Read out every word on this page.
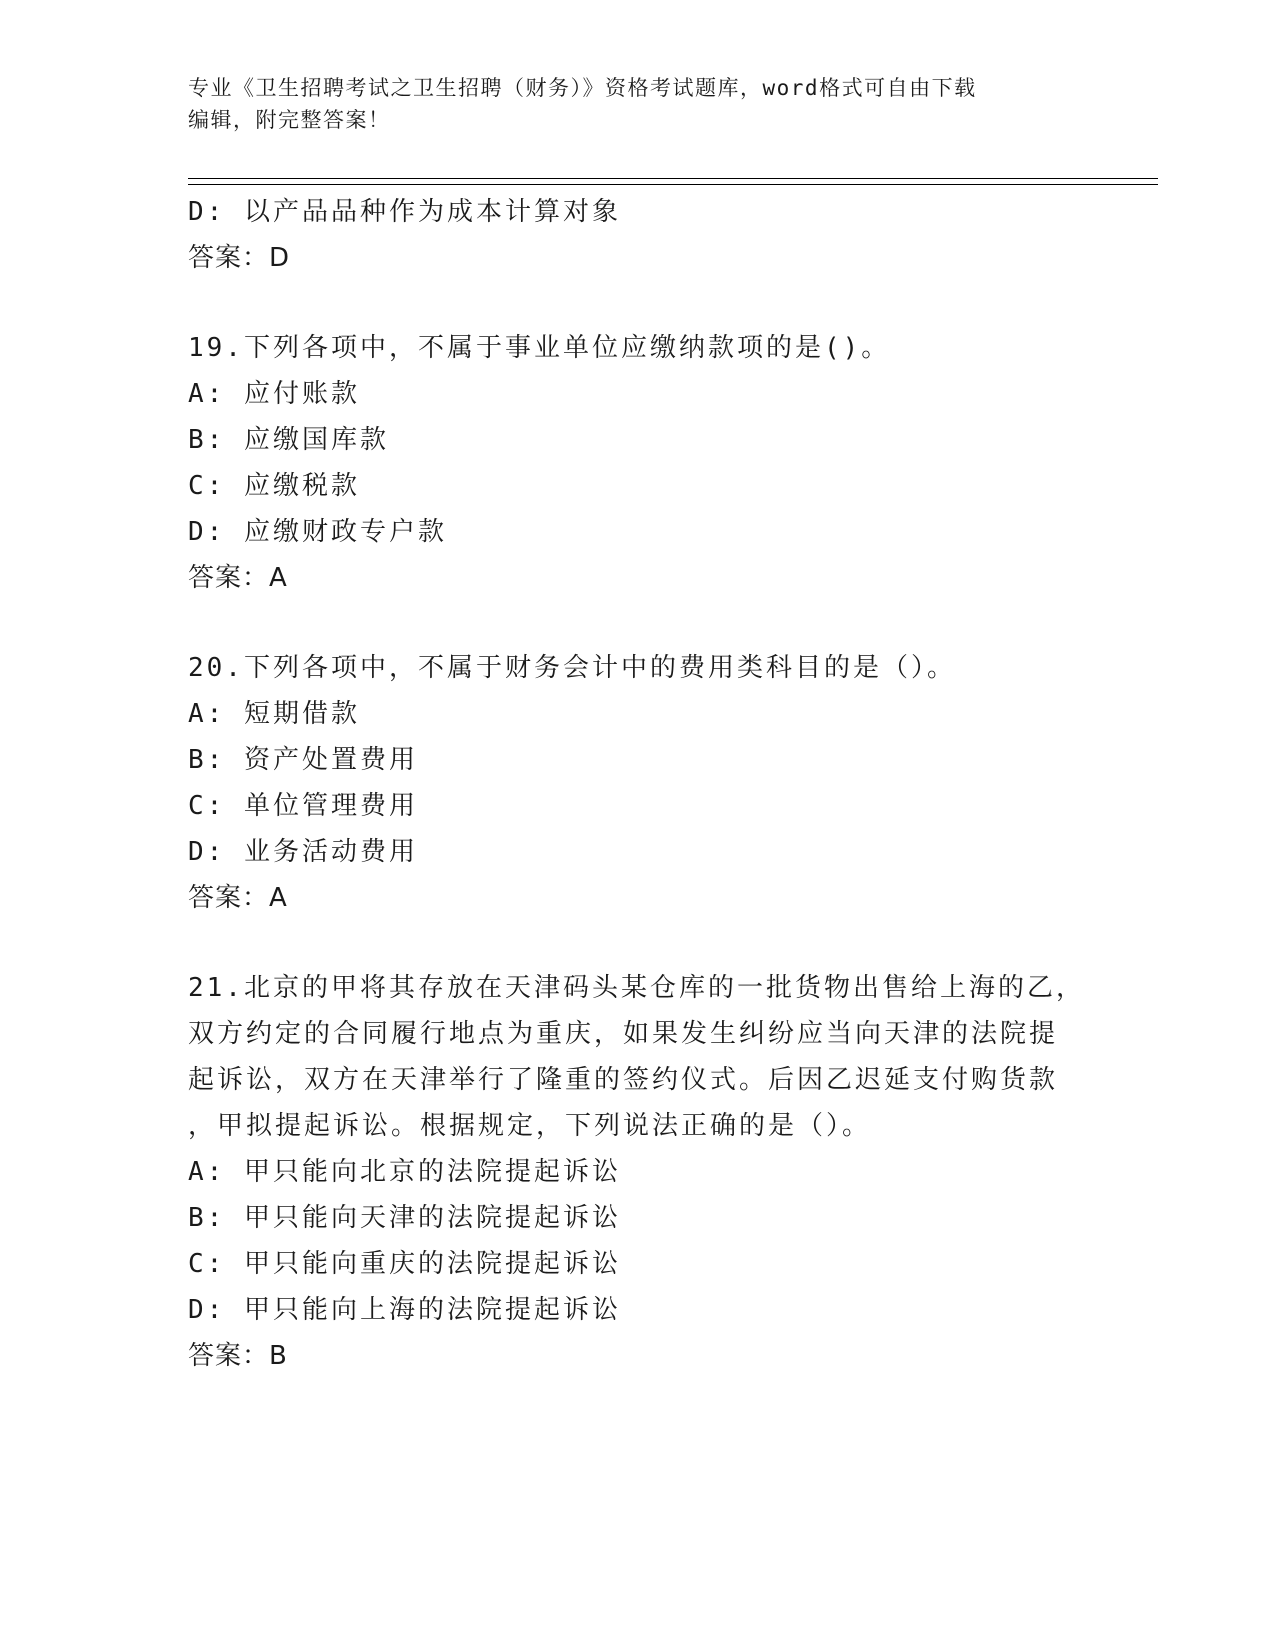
专业《卫生招聘考试之卫生招聘（财务）》资格考试题库，word格式可自由下载
编辑，附完整答案！
D: 以产品品种作为成本计算对象
答案：D
19.下列各项中，不属于事业单位应缴纳款项的是()。
A: 应付账款
B: 应缴国库款
C: 应缴税款
D: 应缴财政专户款
答案：A
20.下列各项中，不属于财务会计中的费用类科目的是（）。
A: 短期借款
B: 资产处置费用
C: 单位管理费用
D: 业务活动费用
答案：A
21.北京的甲将其存放在天津码头某仓库的一批货物出售给上海的乙，
双方约定的合同履行地点为重庆，如果发生纠纷应当向天津的法院提
起诉讼，双方在天津举行了隆重的签约仪式。后因乙迟延支付购货款
，甲拟提起诉讼。根据规定，下列说法正确的是（）。
A: 甲只能向北京的法院提起诉讼
B: 甲只能向天津的法院提起诉讼
C: 甲只能向重庆的法院提起诉讼
D: 甲只能向上海的法院提起诉讼
答案：B
